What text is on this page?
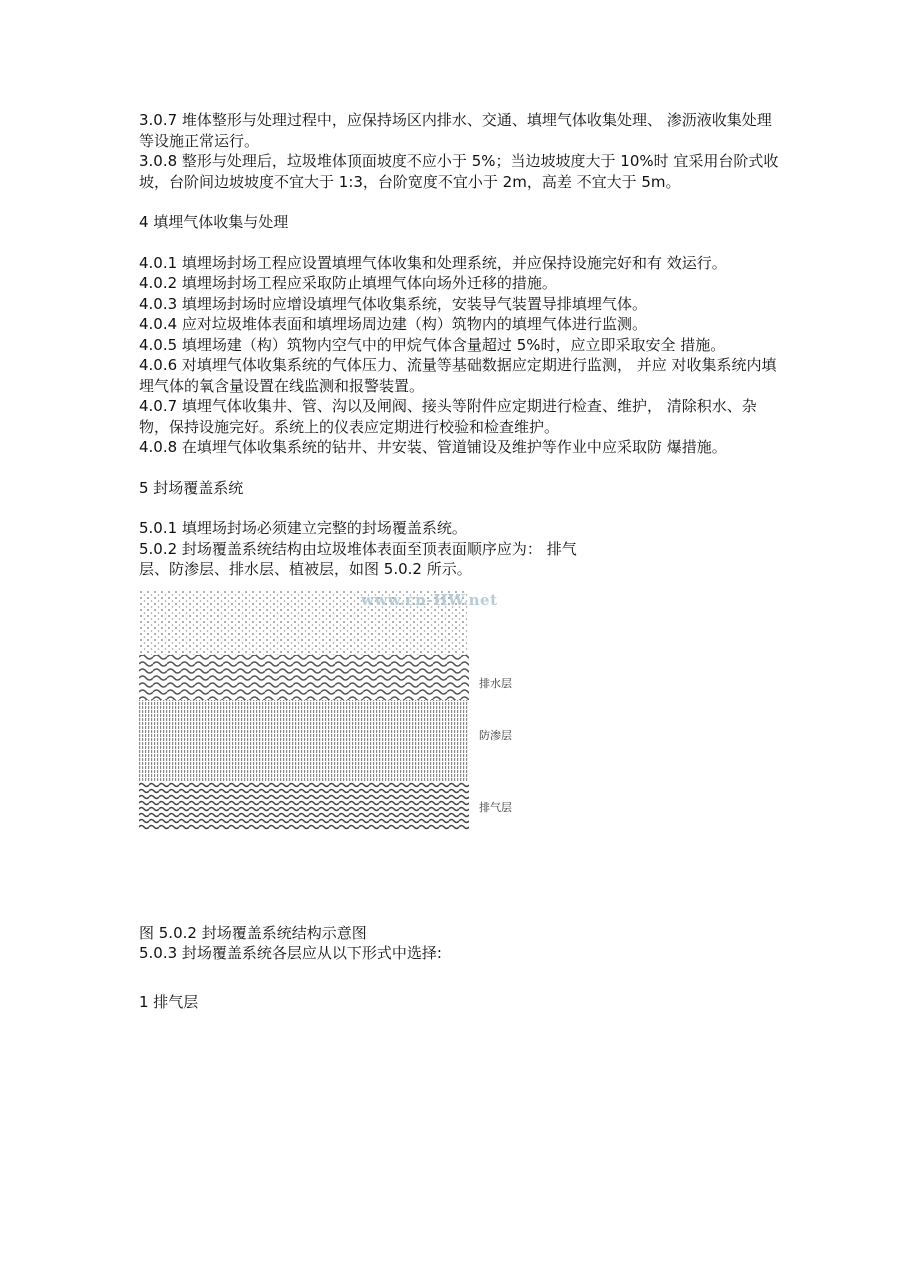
3.0.7 堆体整形与处理过程中，应保持场区内排水、交通、填埋气体收集处理、 渗沥液收集处理等设施正常运行。

3.0.8 整形与处理后，垃圾堆体顶面坡度不应小于 5%；当边坡坡度大于 10%时 宜采用台阶式收坡，台阶间边坡坡度不宜大于 1:3，台阶宽度不宜小于 2m，高差 不宜大于 5m。

4 填埋气体收集与处理

4.0.1 填埋场封场工程应设置填埋气体收集和处理系统，并应保持设施完好和有 效运行。

4.0.2 填埋场封场工程应采取防止填埋气体向场外迁移的措施。

4.0.3 填埋场封场时应增设填埋气体收集系统，安装导气装置导排填埋气体。

4.0.4 应对垃圾堆体表面和填埋场周边建（构）筑物内的填埋气体进行监测。

4.0.5 填埋场建（构）筑物内空气中的甲烷气体含量超过 5%时，应立即采取安全 措施。

4.0.6 对填埋气体收集系统的气体压力、流量等基础数据应定期进行监测， 并应 对收集系统内填埋气体的氧含量设置在线监测和报警装置。

4.0.7 填埋气体收集井、管、沟以及闸阀、接头等附件应定期进行检查、维护， 清除积水、杂物，保持设施完好。系统上的仪表应定期进行校验和检查维护。

4.0.8 在填埋气体收集系统的钻井、井安装、管道铺设及维护等作业中应采取防 爆措施。

5 封场覆盖系统

5.0.1 填埋场封场必须建立完整的封场覆盖系统。

5.0.2 封场覆盖系统结构由垃圾堆体表面至顶表面顺序应为： 排气层、防渗层、排水层、植被层，如图 5.0.2 所示。

www.cn-HW.net
排水层
防渗层
排气层

图 5.0.2 封场覆盖系统结构示意图

5.0.3 封场覆盖系统各层应从以下形式中选择:

1 排气层
